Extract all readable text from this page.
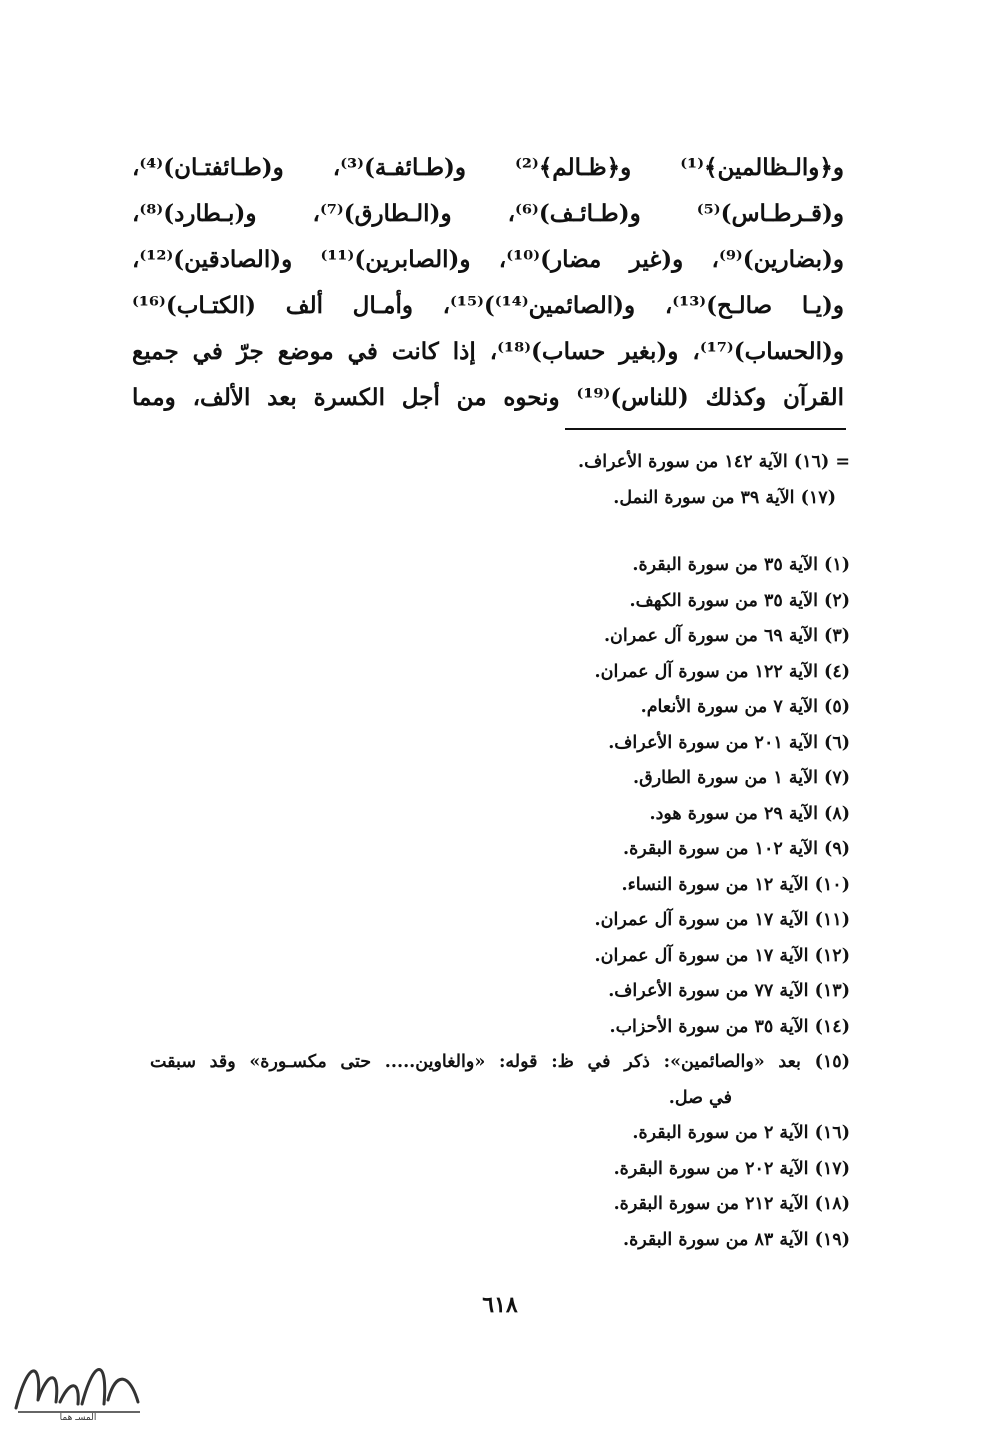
و﴿والـظالمين﴾⁽¹⁾ و﴿ظـالم﴾⁽²⁾ و(طـائفـة)⁽³⁾، و(طـائفتـان)⁽⁴⁾،
و(قـرطـاس)⁽⁵⁾ و(طـائـف)⁽⁶⁾، و(الـطارق)⁽⁷⁾، و(بـطارد)⁽⁸⁾،
و(بضارين)⁽⁹⁾، و(غير مضار)⁽¹⁰⁾، و(الصابرين)⁽¹¹⁾ و(الصادقين)⁽¹²⁾،
و(يـا صالـح)⁽¹³⁾، و(الصائمين⁽¹⁴⁾)⁽¹⁵⁾، وأمـال ألف (الكتـاب)⁽¹⁶⁾
و(الحساب)⁽¹⁷⁾، و(بغير حساب)⁽¹⁸⁾، إذا كانت في موضع جرّ في جميع
القرآن وكذلك (للناس)⁽¹⁹⁾ ونحوه من أجل الكسرة بعد الألف، ومما
= (١٦) الآية ١٤٢ من سورة الأعراف.
(١٧) الآية ٣٩ من سورة النمل.
(١) الآية ٣٥ من سورة البقرة.
(٢) الآية ٣٥ من سورة الكهف.
(٣) الآية ٦٩ من سورة آل عمران.
(٤) الآية ١٢٢ من سورة آل عمران.
(٥) الآية ٧ من سورة الأنعام.
(٦) الآية ٢٠١ من سورة الأعراف.
(٧) الآية ١ من سورة الطارق.
(٨) الآية ٢٩ من سورة هود.
(٩) الآية ١٠٢ من سورة البقرة.
(١٠) الآية ١٢ من سورة النساء.
(١١) الآية ١٧ من سورة آل عمران.
(١٢) الآية ١٧ من سورة آل عمران.
(١٣) الآية ٧٧ من سورة الأعراف.
(١٤) الآية ٣٥ من سورة الأحزاب.
(١٥) بعد «والصائمين»: ذكر في ظ: قوله: «والغاوين..... حتى مكسـورة» وقد سبقت
في صل.
(١٦) الآية ٢ من سورة البقرة.
(١٧) الآية ٢٠٢ من سورة البقرة.
(١٨) الآية ٢١٢ من سورة البقرة.
(١٩) الآية ٨٣ من سورة البقرة.
٦١٨
المسـ هما
